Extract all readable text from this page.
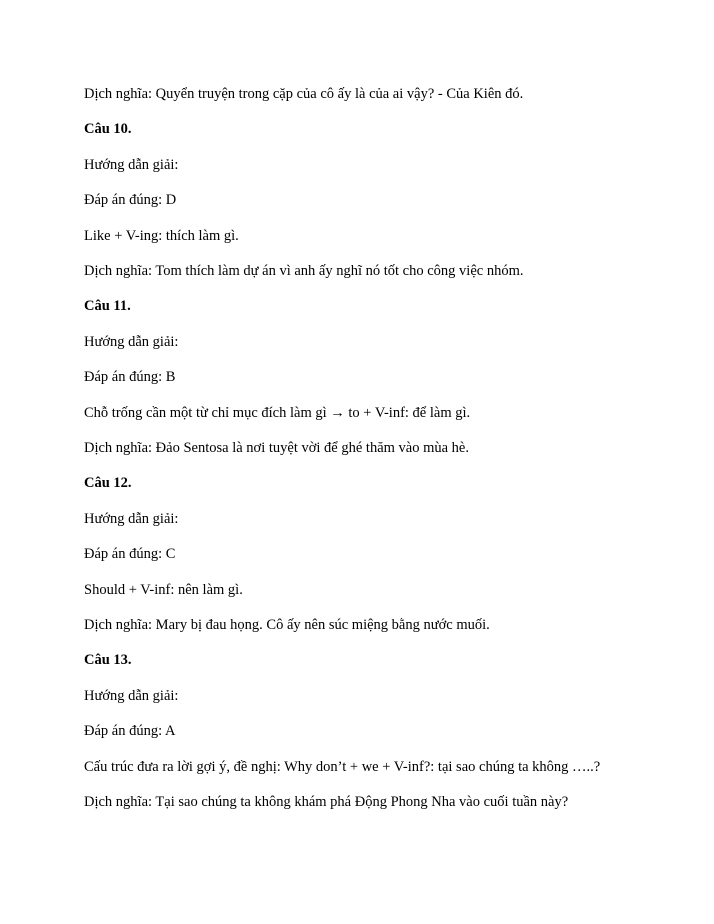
Dịch nghĩa: Quyển truyện trong cặp của cô ấy là của ai vậy? - Của Kiên đó.
Câu 10.
Hướng dẫn giải:
Đáp án đúng: D
Like + V-ing: thích làm gì.
Dịch nghĩa: Tom thích làm dự án vì anh ấy nghĩ nó tốt cho công việc nhóm.
Câu 11.
Hướng dẫn giải:
Đáp án đúng: B
Chỗ trống cần một từ chỉ mục đích làm gì → to + V-inf: để làm gì.
Dịch nghĩa: Đảo Sentosa là nơi tuyệt vời để ghé thăm vào mùa hè.
Câu 12.
Hướng dẫn giải:
Đáp án đúng: C
Should + V-inf: nên làm gì.
Dịch nghĩa: Mary bị đau họng. Cô ấy nên súc miệng bằng nước muối.
Câu 13.
Hướng dẫn giải:
Đáp án đúng: A
Cấu trúc đưa ra lời gợi ý, đề nghị: Why don’t + we + V-inf?: tại sao chúng ta không …..?
Dịch nghĩa: Tại sao chúng ta không khám phá Động Phong Nha vào cuối tuần này?
